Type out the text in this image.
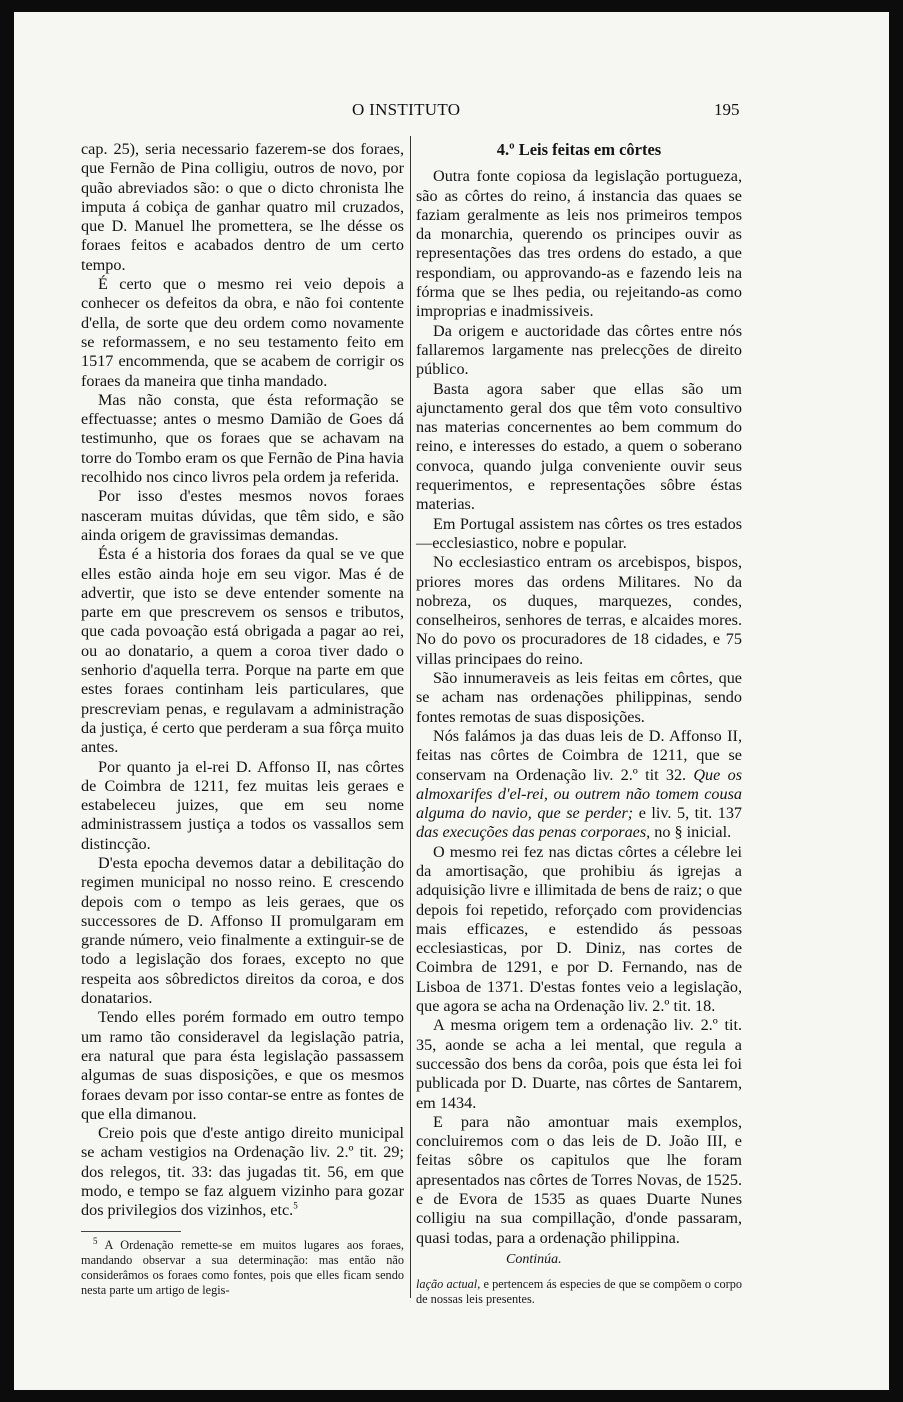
O INSTITUTO	195

cap. 25), seria necessario fazerem-se dos foraes, que Fernão de Pina colligiu, outros de novo, por quão abreviados são: o que o dicto chronista lhe imputa á cobiça de ganhar quatro mil cruzados, que D. Manuel lhe promettera, se lhe désse os foraes feitos e acabados dentro de um certo tempo.

É certo que o mesmo rei veio depois a conhecer os defeitos da obra, e não foi contente d'ella, de sorte que deu ordem como novamente se reformassem, e no seu testamento feito em 1517 encommenda, que se acabem de corrigir os foraes da maneira que tinha mandado.

Mas não consta, que ésta reformação se effectuasse; antes o mesmo Damião de Goes dá testimunho, que os foraes que se achavam na torre do Tombo eram os que Fernão de Pina havia recolhido nos cinco livros pela ordem ja referida.

Por isso d'estes mesmos novos foraes nasceram muitas dúvidas, que têm sido, e são ainda origem de gravissimas demandas.

Ésta é a historia dos foraes da qual se ve que elles estão ainda hoje em seu vigor. Mas é de advertir, que isto se deve entender somente na parte em que prescrevem os sensos e tributos, que cada povoação está obrigada a pagar ao rei, ou ao donatario, a quem a coroa tiver dado o senhorio d'aquella terra. Porque na parte em que estes foraes continham leis particulares, que prescreviam penas, e regulavam a administração da justiça, é certo que perderam a sua fôrça muito antes.

Por quanto ja el-rei D. Affonso II, nas côrtes de Coimbra de 1211, fez muitas leis geraes e estabeleceu juizes, que em seu nome administrassem justiça a todos os vassallos sem distincção.

D'esta epocha devemos datar a debilitação do regimen municipal no nosso reino. E crescendo depois com o tempo as leis geraes, que os successores de D. Affonso II promulgaram em grande número, veio finalmente a extinguir-se de todo a legislação dos foraes, excepto no que respeita aos sôbredictos direitos da coroa, e dos donatarios.

Tendo elles porém formado em outro tempo um ramo tão consideravel da legislação patria, era natural que para ésta legislação passassem algumas de suas disposições, e que os mesmos foraes devam por isso contar-se entre as fontes de que ella dimanou.

Creio pois que d'este antigo direito municipal se acham vestigios na Ordenação liv. 2.º tit. 29; dos relegos, tit. 33: das jugadas tit. 56, em que modo, e tempo se faz alguem vizinho para gozar dos privilegios dos vizinhos, etc.$^5$

$^5$ A Ordenação remette-se em muitos lugares aos foraes, mandando observar a sua determinação: mas então não considerâmos os foraes como fontes, pois que elles ficam sendo nesta parte um artigo de legis-
4.º Leis feitas em côrtes

Outra fonte copiosa da legislação portugueza, são as côrtes do reino, á instancia das quaes se faziam geralmente as leis nos primeiros tempos da monarchia, querendo os principes ouvir as representações das tres ordens do estado, a que respondiam, ou approvando-as e fazendo leis na fórma que se lhes pedia, ou rejeitando-as como improprias e inadmissiveis.

Da origem e auctoridade das côrtes entre nós fallaremos largamente nas prelecções de direito público.

Basta agora saber que ellas são um ajunctamento geral dos que têm voto consultivo nas materias concernentes ao bem commum do reino, e interesses do estado, a quem o soberano convoca, quando julga conveniente ouvir seus requerimentos, e representações sôbre éstas materias.

Em Portugal assistem nas côrtes os tres estados—ecclesiastico, nobre e popular.

No ecclesiastico entram os arcebispos, bispos, priores mores das ordens Militares. No da nobreza, os duques, marquezes, condes, conselheiros, senhores de terras, e alcaides mores. No do povo os procuradores de 18 cidades, e 75 villas principaes do reino.

São innumeraveis as leis feitas em côrtes, que se acham nas ordenações philippinas, sendo fontes remotas de suas disposições.

Nós falámos ja das duas leis de D. Affonso II, feitas nas côrtes de Coimbra de 1211, que se conservam na Ordenação liv. 2.º tit 32. Que os almoxarifes d'el-rei, ou outrem não tomem cousa alguma do navio, que se perder; e liv. 5, tit. 137 das execuções das penas corporaes, no § inicial.

O mesmo rei fez nas dictas côrtes a célebre lei da amortisação, que prohibiu ás igrejas a adquisição livre e illimitada de bens de raiz; o que depois foi repetido, reforçado com providencias mais efficazes, e estendido ás pessoas ecclesiasticas, por D. Diniz, nas cortes de Coimbra de 1291, e por D. Fernando, nas de Lisboa de 1371. D'estas fontes veio a legislação, que agora se acha na Ordenação liv. 2.º tit. 18.

A mesma origem tem a ordenação liv. 2.º tit. 35, aonde se acha a lei mental, que regula a successão dos bens da corôa, pois que ésta lei foi publicada por D. Duarte, nas côrtes de Santarem, em 1434.

E para não amontuar mais exemplos, concluiremos com o das leis de D. João III, e feitas sôbre os capitulos que lhe foram apresentados nas côrtes de Torres Novas, de 1525. e de Evora de 1535 as quaes Duarte Nunes colligiu na sua compillação, d'onde passaram, quasi todas, para a ordenação philippina.

Continúa.
lação actual, e pertencem ás especies de que se compõem o corpo de nossas leis presentes.
